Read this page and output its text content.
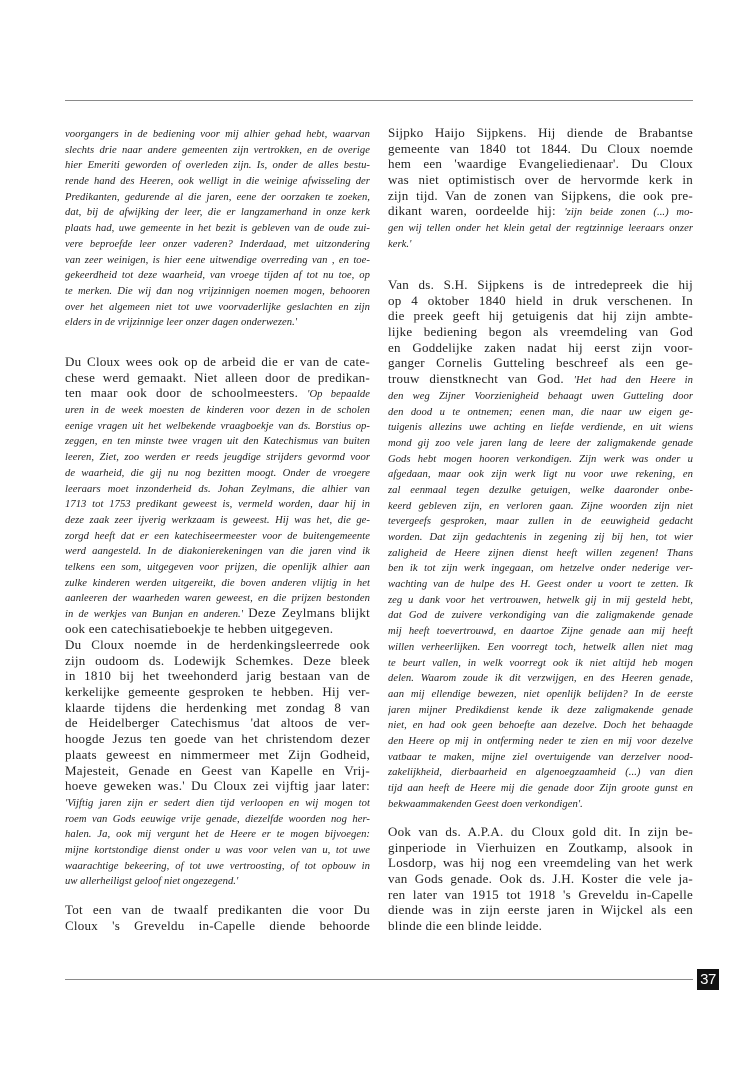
voorgangers in de bediening voor mij alhier gehad hebt, waarvan
slechts drie naar andere gemeenten zijn vertrokken, en de overige
hier Emeriti geworden of overleden zijn. Is, onder de alles bestu-
rende hand des Heeren, ook welligt in die weinige afwisseling der
Predikanten, gedurende al die jaren, eene der oorzaken te zoeken,
dat, bij de afwijking der leer, die er langzamerhand in onze kerk
plaats had, uwe gemeente in het bezit is gebleven van de oude zui-
vere beproefde leer onzer vaderen? Inderdaad, met uitzondering
van zeer weinigen, is hier eene uitwendige overreding van , en toe-
gekeerdheid tot deze waarheid, van vroege tijden af tot nu toe, op
te merken. Die wij dan nog vrijzinnigen noemen mogen, behooren
over het algemeen niet tot uwe voorvaderlijke geslachten en zijn
elders in de vrijzinnige leer onzer dagen onderwezen.'
Du Cloux wees ook op de arbeid die er van de cate-
chese werd gemaakt. Niet alleen door de predikan-
ten maar ook door de schoolmeesters. 'Op bepaalde
uren in de week moesten de kinderen voor dezen in de scholen
eenige vragen uit het welbekende vraagboekje van ds. Borstius op-
zeggen, en ten minste twee vragen uit den Katechismus van buiten
leeren, Ziet, zoo werden er reeds jeugdige strijders gevormd voor
de waarheid, die gij nu nog bezitten moogt. Onder de vroegere
leeraars moet inzonderheid ds. Johan Zeylmans, die alhier van
1713 tot 1753 predikant geweest is, vermeld worden, daar hij in
deze zaak zeer ijverig werkzaam is geweest. Hij was het, die ge-
zorgd heeft dat er een katechiseermeester voor de buitengemeente
werd aangesteld. In de diakonierekeningen van die jaren vind ik
telkens een som, uitgegeven voor prijzen, die openlijk alhier aan
zulke kinderen werden uitgereikt, die boven anderen vlijtig in het
aanleeren der waarheden waren geweest, en die prijzen bestonden
in de werkjes van Bunjan en anderen.' Deze Zeylmans blijkt
ook een catechisatieboekje te hebben uitgegeven.
Du Cloux noemde in de herdenkingsleerrede ook
zijn oudoom ds. Lodewijk Schemkes. Deze bleek
in 1810 bij het tweehonderd jarig bestaan van de
kerkelijke gemeente gesproken te hebben. Hij ver-
klaarde tijdens die herdenking met zondag 8 van
de Heidelberger Catechismus 'dat altoos de ver-
hoogde Jezus ten goede van het christendom dezer
plaats geweest en nimmermeer met Zijn Godheid,
Majesteit, Genade en Geest van Kapelle en Vrij-
hoeve geweken was.' Du Cloux zei vijftig jaar later:
'Vijftig jaren zijn er sedert dien tijd verloopen en wij mogen tot
roem van Gods eeuwige vrije genade, diezelfde woorden nog her-
halen. Ja, ook mij vergunt het de Heere er te mogen bijvoegen:
mijne kortstondige dienst onder u was voor velen van u, tot uwe
waarachtige bekeering, of tot uwe vertroosting, of tot opbouw in
uw allerheiligst geloof niet ongezegend.'
Tot een van de twaalf predikanten die voor Du
Cloux 's Greveldu in-Capelle diende behoorde
Sijpko Haijo Sijpkens. Hij diende de Brabantse
gemeente van 1840 tot 1844. Du Cloux noemde
hem een 'waardige Evangeliedienaar'. Du Cloux
was niet optimistisch over de hervormde kerk in
zijn tijd. Van de zonen van Sijpkens, die ook pre-
dikant waren, oordeelde hij: 'zijn beide zonen (...) mo-
gen wij tellen onder het klein getal der regtzinnige leeraars onzer
kerk.'
Van ds. S.H. Sijpkens is de intredepreek die hij
op 4 oktober 1840 hield in druk verschenen. In
die preek geeft hij getuigenis dat hij zijn ambte-
lijke bediening begon als vreemdeling van God
en Goddelijke zaken nadat hij eerst zijn voor-
ganger Cornelis Gutteling beschreef als een ge-
trouw dienstknecht van God. 'Het had den Heere in
den weg Zijner Voorzienigheid behaagt uwen Gutteling door
den dood u te ontnemen; eenen man, die naar uw eigen ge-
tuigenis allezins uwe achting en liefde verdiende, en uit wiens
mond gij zoo vele jaren lang de leere der zaligmakende genade
Gods hebt mogen hooren verkondigen. Zijn werk was onder u
afgedaan, maar ook zijn werk ligt nu voor uwe rekening, en
zal eenmaal tegen dezulke getuigen, welke daaronder onbe-
keerd gebleven zijn, en verloren gaan. Zijne woorden zijn niet
tevergeefs gesproken, maar zullen in de eeuwigheid gedacht
worden. Dat zijn gedachtenis in zegening zij bij hen, tot wier
zaligheid de Heere zijnen dienst heeft willen zegenen! Thans
ben ik tot zijn werk ingegaan, om hetzelve onder nederige ver-
wachting van de hulpe des H. Geest onder u voort te zetten. Ik
zeg u dank voor het vertrouwen, hetwelk gij in mij gesteld hebt,
dat God de zuivere verkondiging van die zaligmakende genade
mij heeft toevertrouwd, en daartoe Zijne genade aan mij heeft
willen verheerlijken. Een voorregt toch, hetwelk allen niet mag
te beurt vallen, in welk voorregt ook ik niet altijd heb mogen
delen. Waarom zoude ik dit verzwijgen, en des Heeren genade,
aan mij ellendige bewezen, niet openlijk belijden? In de eerste
jaren mijner Predikdienst kende ik deze zaligmakende genade
niet, en had ook geen behoefte aan dezelve. Doch het behaagde
den Heere op mij in ontferming neder te zien en mij voor dezelve
vatbaar te maken, mijne ziel overtuigende van derzelver nood-
zakelijkheid, dierbaarheid en algenoegzaamheid (...) van dien
tijd aan heeft de Heere mij die genade door Zijn groote gunst en
bekwaammakenden Geest doen verkondigen'.
Ook van ds. A.P.A. du Cloux gold dit. In zijn be-
ginperiode in Vierhuizen en Zoutkamp, alsook in
Losdorp, was hij nog een vreemdeling van het werk
van Gods genade. Ook ds. J.H. Koster die vele ja-
ren later van 1915 tot 1918 's Greveldu in-Capelle
diende was in zijn eerste jaren in Wijckel als een
blinde die een blinde leidde.
37
